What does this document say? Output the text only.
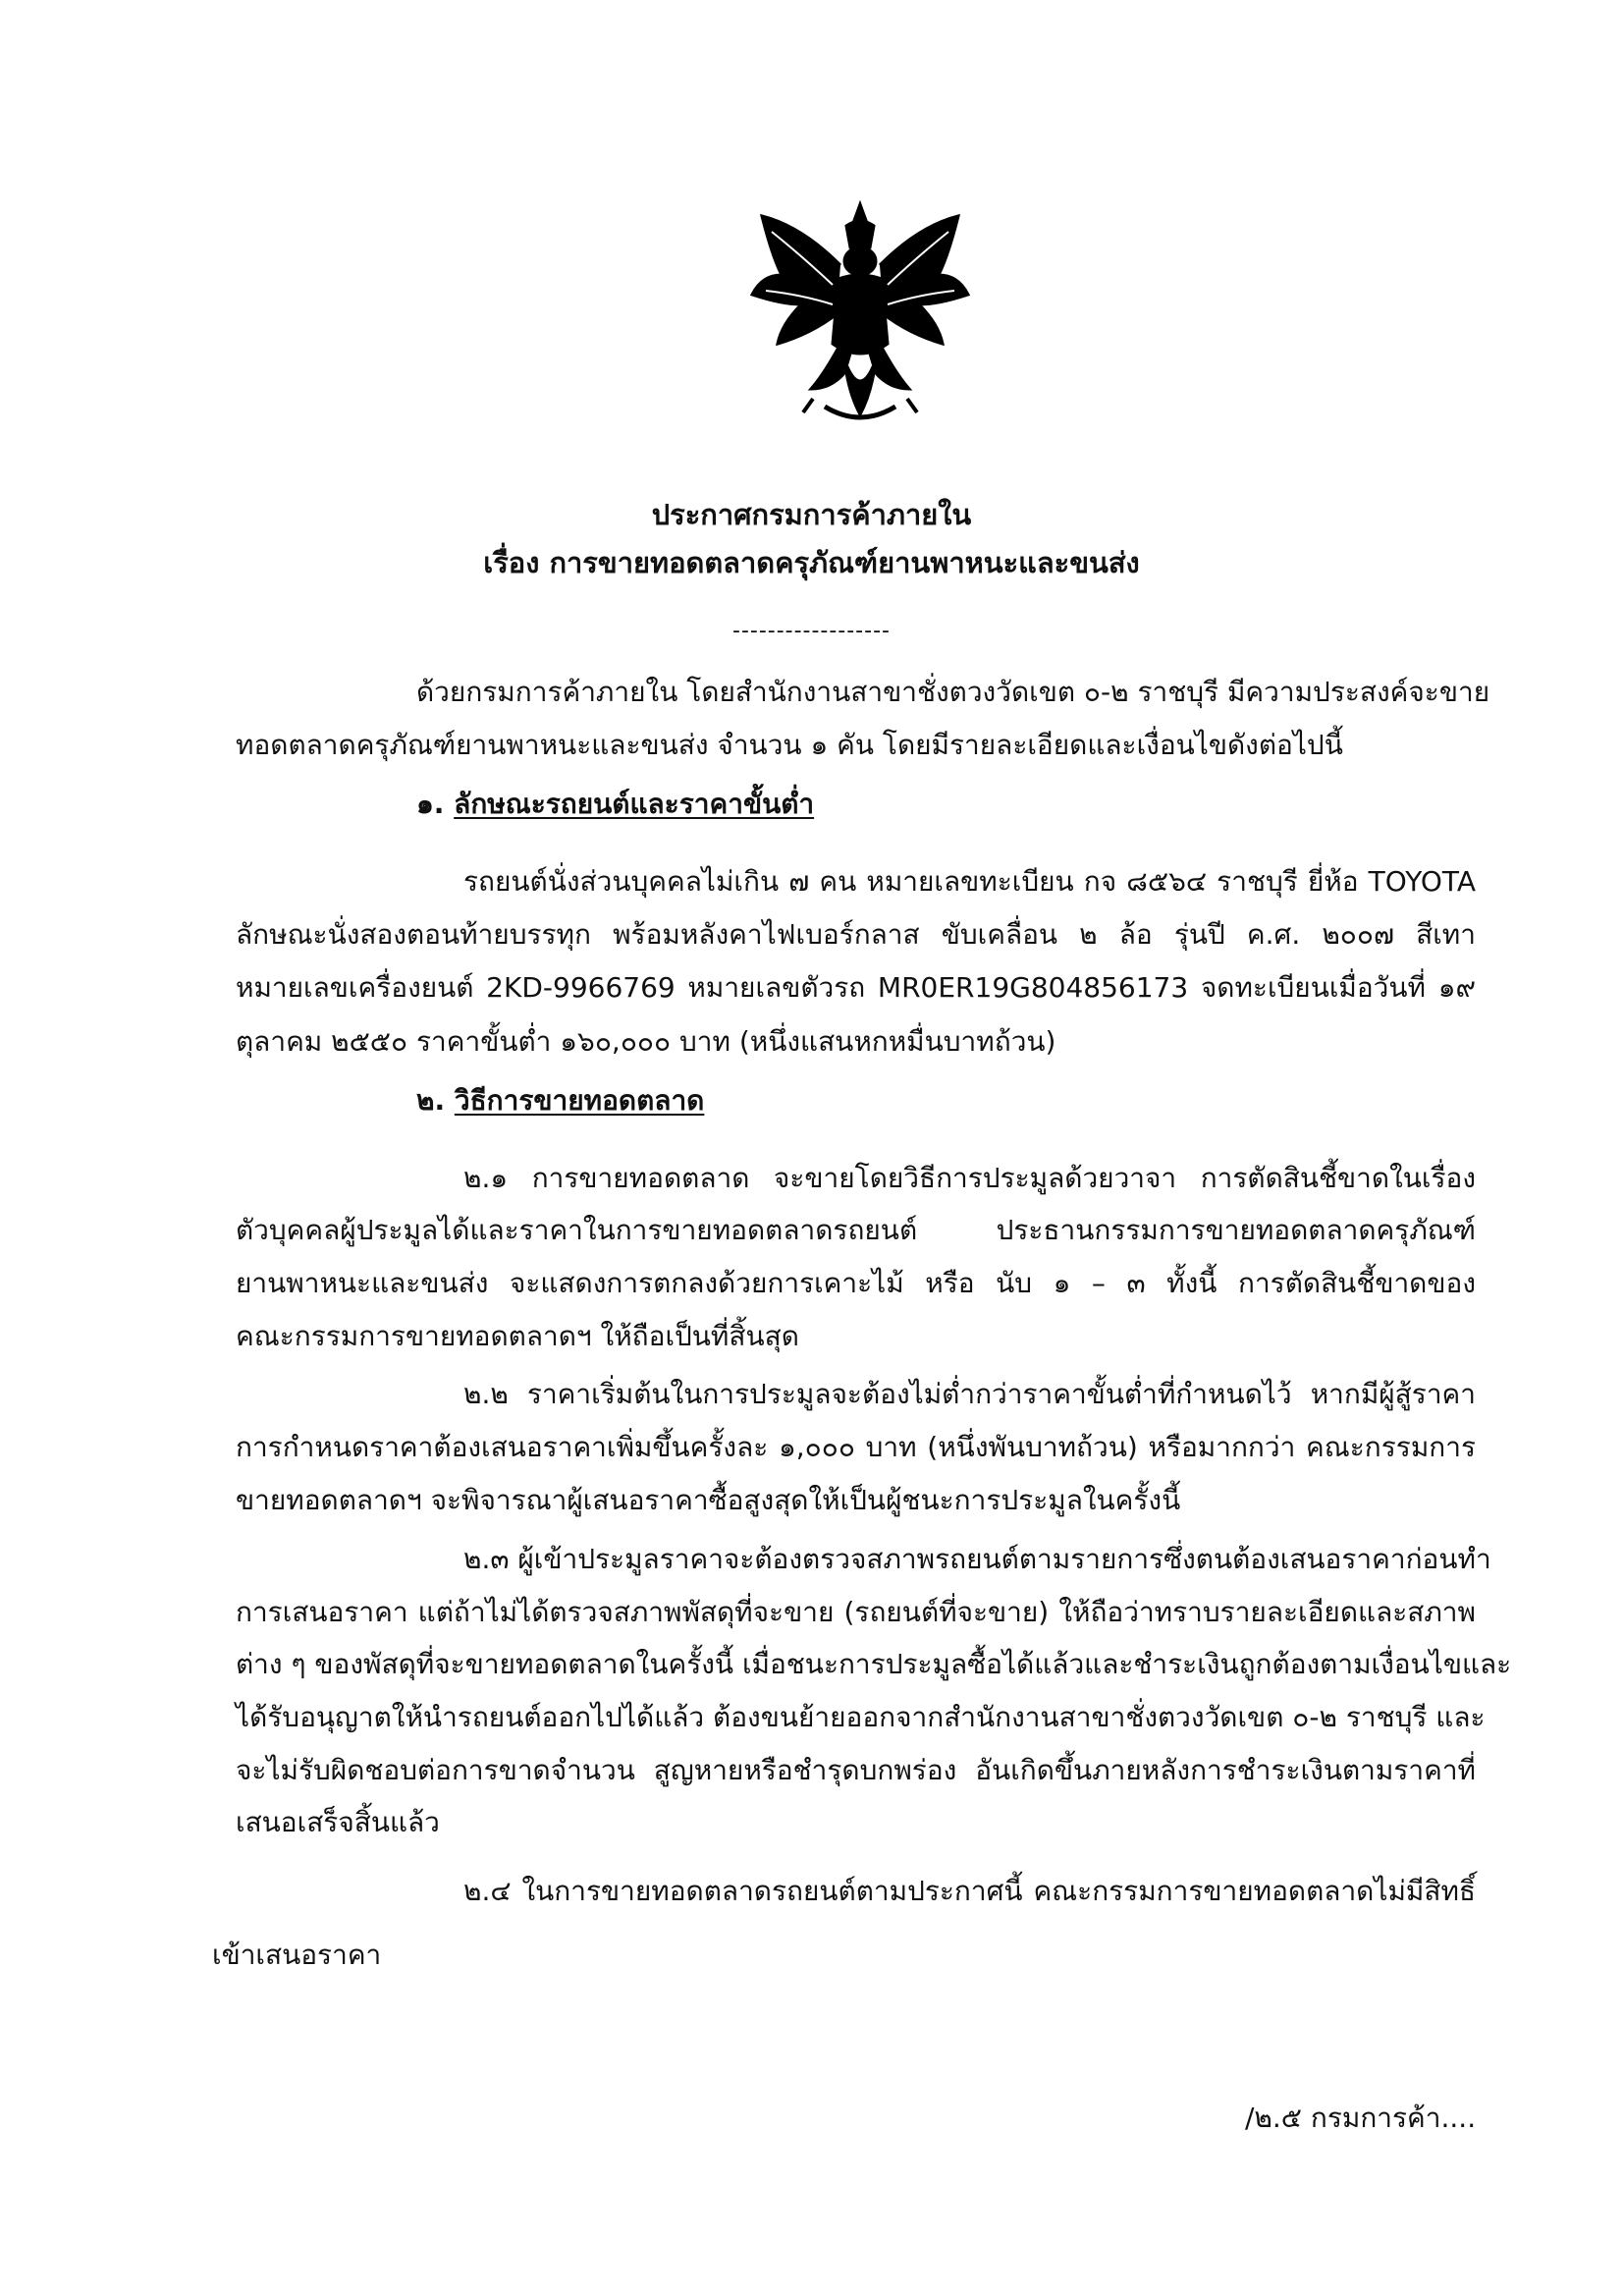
ประกาศกรมการค้าภายใน
เรื่อง การขายทอดตลาดครุภัณฑ์ยานพาหนะและขนส่ง
------------------
ด้วยกรมการค้าภายใน โดยสำนักงานสาขาชั่งตวงวัดเขต ๐-๒ ราชบุรี มีความประสงค์จะขาย
ทอดตลาดครุภัณฑ์ยานพาหนะและขนส่ง จำนวน ๑ คัน โดยมีรายละเอียดและเงื่อนไขดังต่อไปนี้
๑. ลักษณะรถยนต์และราคาขั้นต่ำ
รถยนต์นั่งส่วนบุคคลไม่เกิน ๗ คน หมายเลขทะเบียน กจ ๘๕๖๔ ราชบุรี ยี่ห้อ TOYOTA
ลักษณะนั่งสองตอนท้ายบรรทุก พร้อมหลังคาไฟเบอร์กลาส ขับเคลื่อน ๒ ล้อ รุ่นปี ค.ศ. ๒๐๐๗ สีเทา
หมายเลขเครื่องยนต์ 2KD-9966769 หมายเลขตัวรถ MR0ER19G804856173 จดทะเบียนเมื่อวันที่ ๑๙
ตุลาคม ๒๕๕๐ ราคาขั้นต่ำ ๑๖๐,๐๐๐ บาท (หนึ่งแสนหกหมื่นบาทถ้วน)
๒. วิธีการขายทอดตลาด
๒.๑ การขายทอดตลาด จะขายโดยวิธีการประมูลด้วยวาจา การตัดสินชี้ขาดในเรื่อง
ตัวบุคคลผู้ประมูลได้และราคาในการขายทอดตลาดรถยนต์ ประธานกรรมการขายทอดตลาดครุภัณฑ์
ยานพาหนะและขนส่ง จะแสดงการตกลงด้วยการเคาะไม้ หรือ นับ ๑ – ๓ ทั้งนี้ การตัดสินชี้ขาดของ
คณะกรรมการขายทอดตลาดฯ ให้ถือเป็นที่สิ้นสุด
๒.๒ ราคาเริ่มต้นในการประมูลจะต้องไม่ต่ำกว่าราคาขั้นต่ำที่กำหนดไว้ หากมีผู้สู้ราคา
การกำหนดราคาต้องเสนอราคาเพิ่มขึ้นครั้งละ ๑,๐๐๐ บาท (หนึ่งพันบาทถ้วน) หรือมากกว่า คณะกรรมการ
ขายทอดตลาดฯ จะพิจารณาผู้เสนอราคาซื้อสูงสุดให้เป็นผู้ชนะการประมูลในครั้งนี้
๒.๓ ผู้เข้าประมูลราคาจะต้องตรวจสภาพรถยนต์ตามรายการซึ่งตนต้องเสนอราคาก่อนทำ
การเสนอราคา แต่ถ้าไม่ได้ตรวจสภาพพัสดุที่จะขาย (รถยนต์ที่จะขาย) ให้ถือว่าทราบรายละเอียดและสภาพ
ต่าง ๆ ของพัสดุที่จะขายทอดตลาดในครั้งนี้ เมื่อชนะการประมูลซื้อได้แล้วและชำระเงินถูกต้องตามเงื่อนไขและ
ได้รับอนุญาตให้นำรถยนต์ออกไปได้แล้ว ต้องขนย้ายออกจากสำนักงานสาขาชั่งตวงวัดเขต ๐-๒ ราชบุรี และ
จะไม่รับผิดชอบต่อการขาดจำนวน สูญหายหรือชำรุดบกพร่อง อันเกิดขึ้นภายหลังการชำระเงินตามราคาที่
เสนอเสร็จสิ้นแล้ว
๒.๔ ในการขายทอดตลาดรถยนต์ตามประกาศนี้ คณะกรรมการขายทอดตลาดไม่มีสิทธิ์
เข้าเสนอราคา
/๒.๕ กรมการค้า....
